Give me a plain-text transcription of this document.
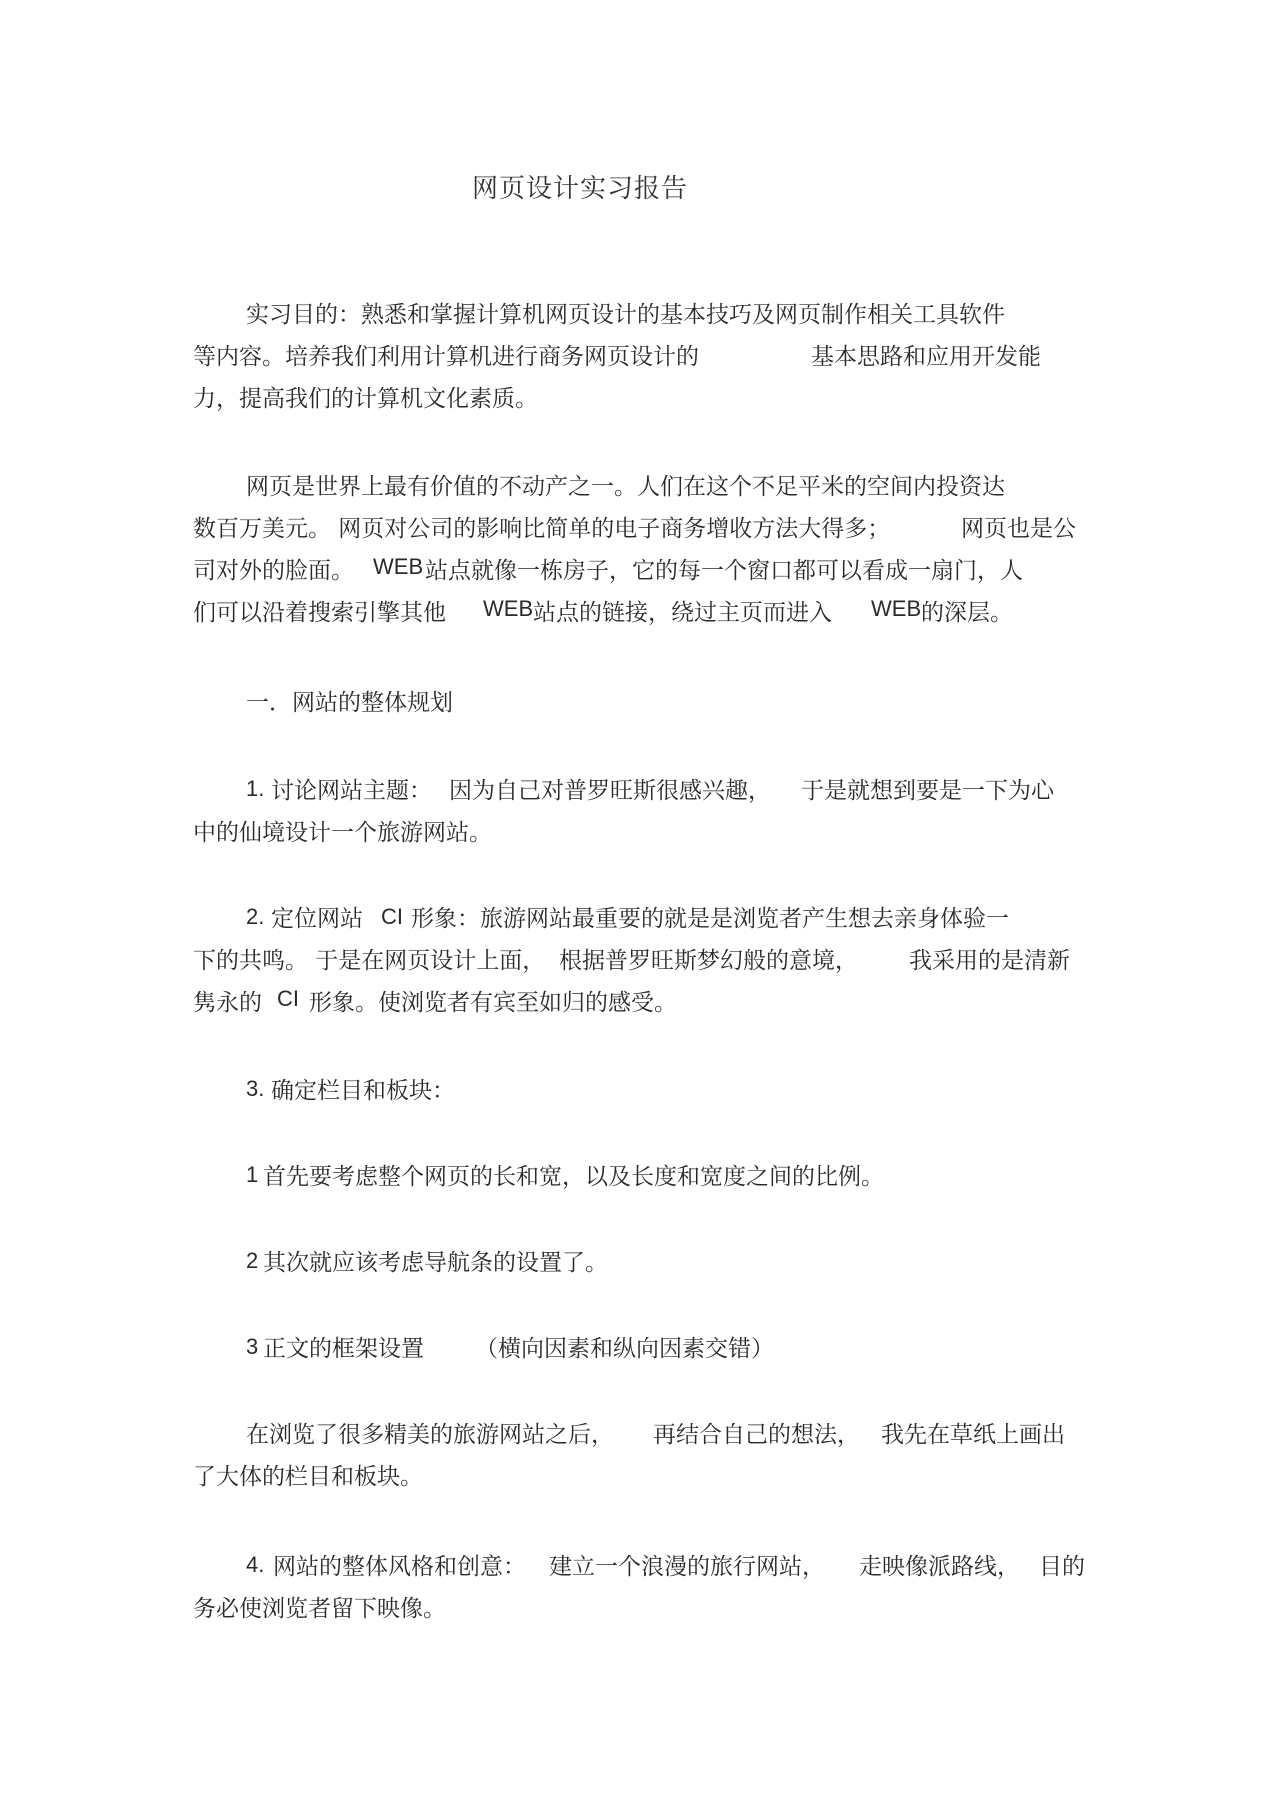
网页设计实习报告
实习目的：熟悉和掌握计算机网页设计的基本技巧及网页制作相关工具软件
等内容。培养我们利用计算机进行商务网页设计的	基本思路和应用开发能
力，提高我们的计算机文化素质。
网页是世界上最有价值的不动产之一。人们在这个不足平米的空间内投资达
数百万美元。 网页对公司的影响比简单的电子商务增收方法大得多；	网页也是公
司对外的脸面。 WEB 站点就像一栋房子，它的每一个窗口都可以看成一扇门，人
们可以沿着搜索引擎其他 WEB 站点的链接，绕过主页而进入 WEB 的深层。
一．网站的整体规划
1. 讨论网站主题： 因为自己对普罗旺斯很感兴趣， 于是就想到要是一下为心
中的仙境设计一个旅游网站。
2. 定位网站 CI 形象：旅游网站最重要的就是是浏览者产生想去亲身体验一
下的共鸣。 于是在网页设计上面， 根据普罗旺斯梦幻般的意境， 我采用的是清新
隽永的 CI 形象。使浏览者有宾至如归的感受。
3. 确定栏目和板块：
1 首先要考虑整个网页的长和宽，以及长度和宽度之间的比例。
2 其次就应该考虑导航条的设置了。
3 正文的框架设置 （横向因素和纵向因素交错）
在浏览了很多精美的旅游网站之后， 再结合自己的想法， 我先在草纸上画出
了大体的栏目和板块。
4. 网站的整体风格和创意： 建立一个浪漫的旅行网站， 走映像派路线， 目的
务必使浏览者留下映像。
